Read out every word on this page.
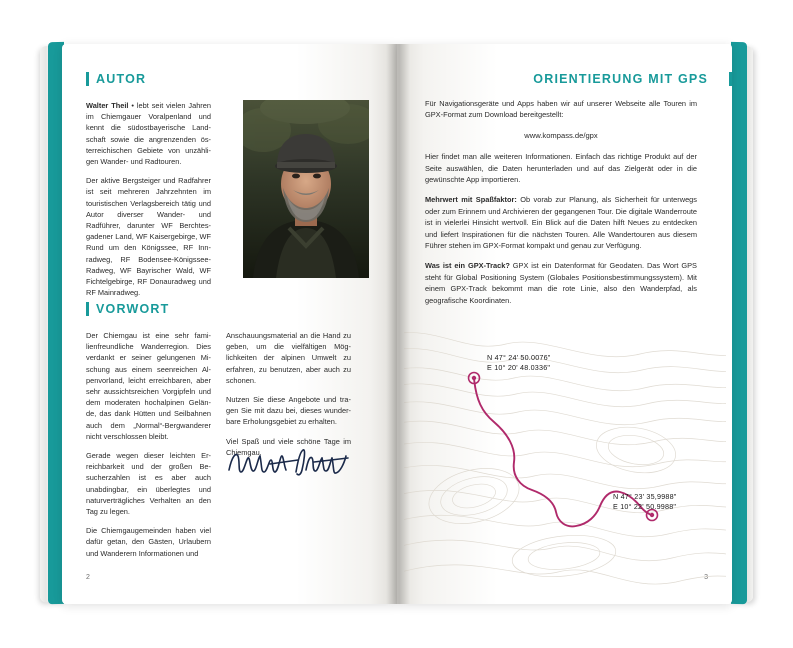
AUTOR

Walter Theil • lebt seit vielen Jahren im Chiemgauer Voralpenland und kennt die südostbayerische Landschaft sowie die angrenzenden österreichischen Gebiete von unzähligen Wander- und Radtouren.

Der aktive Bergsteiger und Radfahrer ist seit mehreren Jahrzehnten im touristischen Verlagsbereich tätig und Autor diverser Wander- und Radführer, darunter WF Berchtesgadener Land, WF Kaisergebirge, WF Rund um den Königssee, RF Innradweg, RF Bodensee-Königssee-Radweg, WF Bayrischer Wald, WF Fichtelgebirge, RF Donauradweg und RF Mainradweg.

VORWORT

Der Chiemgau ist eine sehr familienfreundliche Wanderregion. Dies verdankt er seiner gelungenen Mischung aus einem seenreichen Alpenvorland, leicht erreichbaren, aber sehr aussichtsreichen Vorgipfeln und dem moderaten hochalpinen Gelände, das dank Hütten und Seilbahnen auch dem „Normal“-Bergwanderer nicht verschlossen bleibt.

Gerade wegen dieser leichten Erreichbarkeit und der großen Besucherzahlen ist es aber auch unabdingbar, ein überlegtes und naturverträgliches Verhalten an den Tag zu legen.

Die Chiemgaugemeinden haben viel dafür getan, den Gästen, Urlaubern und Wanderern Informationen und

Anschauungsmaterial an die Hand zu geben, um die vielfältigen Möglichkeiten der alpinen Umwelt zu erfahren, zu benutzen, aber auch zu schonen.

Nutzen Sie diese Angebote und tragen Sie mit dazu bei, dieses wunderbare Erholungsgebiet zu erhalten.

Viel Spaß und viele schöne Tage im Chiemgau.

2
ORIENTIERUNG MIT GPS

Für Navigationsgeräte und Apps haben wir auf unserer Webseite alle Touren im GPX-Format zum Download bereitgestellt:

www.kompass.de/gpx

Hier findet man alle weiteren Informationen. Einfach das richtige Produkt auf der Seite auswählen, die Daten herunterladen und auf das Zielgerät oder in die gewünschte App importieren.

Mehrwert mit Spaßfaktor: Ob vorab zur Planung, als Sicherheit für unterwegs oder zum Erinnern und Archivieren der gegangenen Tour. Die digitale Wanderroute ist in vielerlei Hinsicht wertvoll. Ein Blick auf die Daten hilft Neues zu entdecken und liefert Inspirationen für die nächsten Touren. Alle Wandertouren aus diesem Führer stehen im GPX-Format kompakt und genau zur Verfügung.

Was ist ein GPX-Track? GPX ist ein Datenformat für Geodaten. Das Wort GPS steht für Global Positioning System (Globales Positionsbestimmungssystem). Mit einem GPX-Track bekommt man die rote Linie, also den Wanderpfad, als geografische Koordinaten.

3
N 47° 24' 50.0076"
E 10° 20' 48.0336"
N 47° 23' 35,9988"
E 10° 22' 50.9988"
